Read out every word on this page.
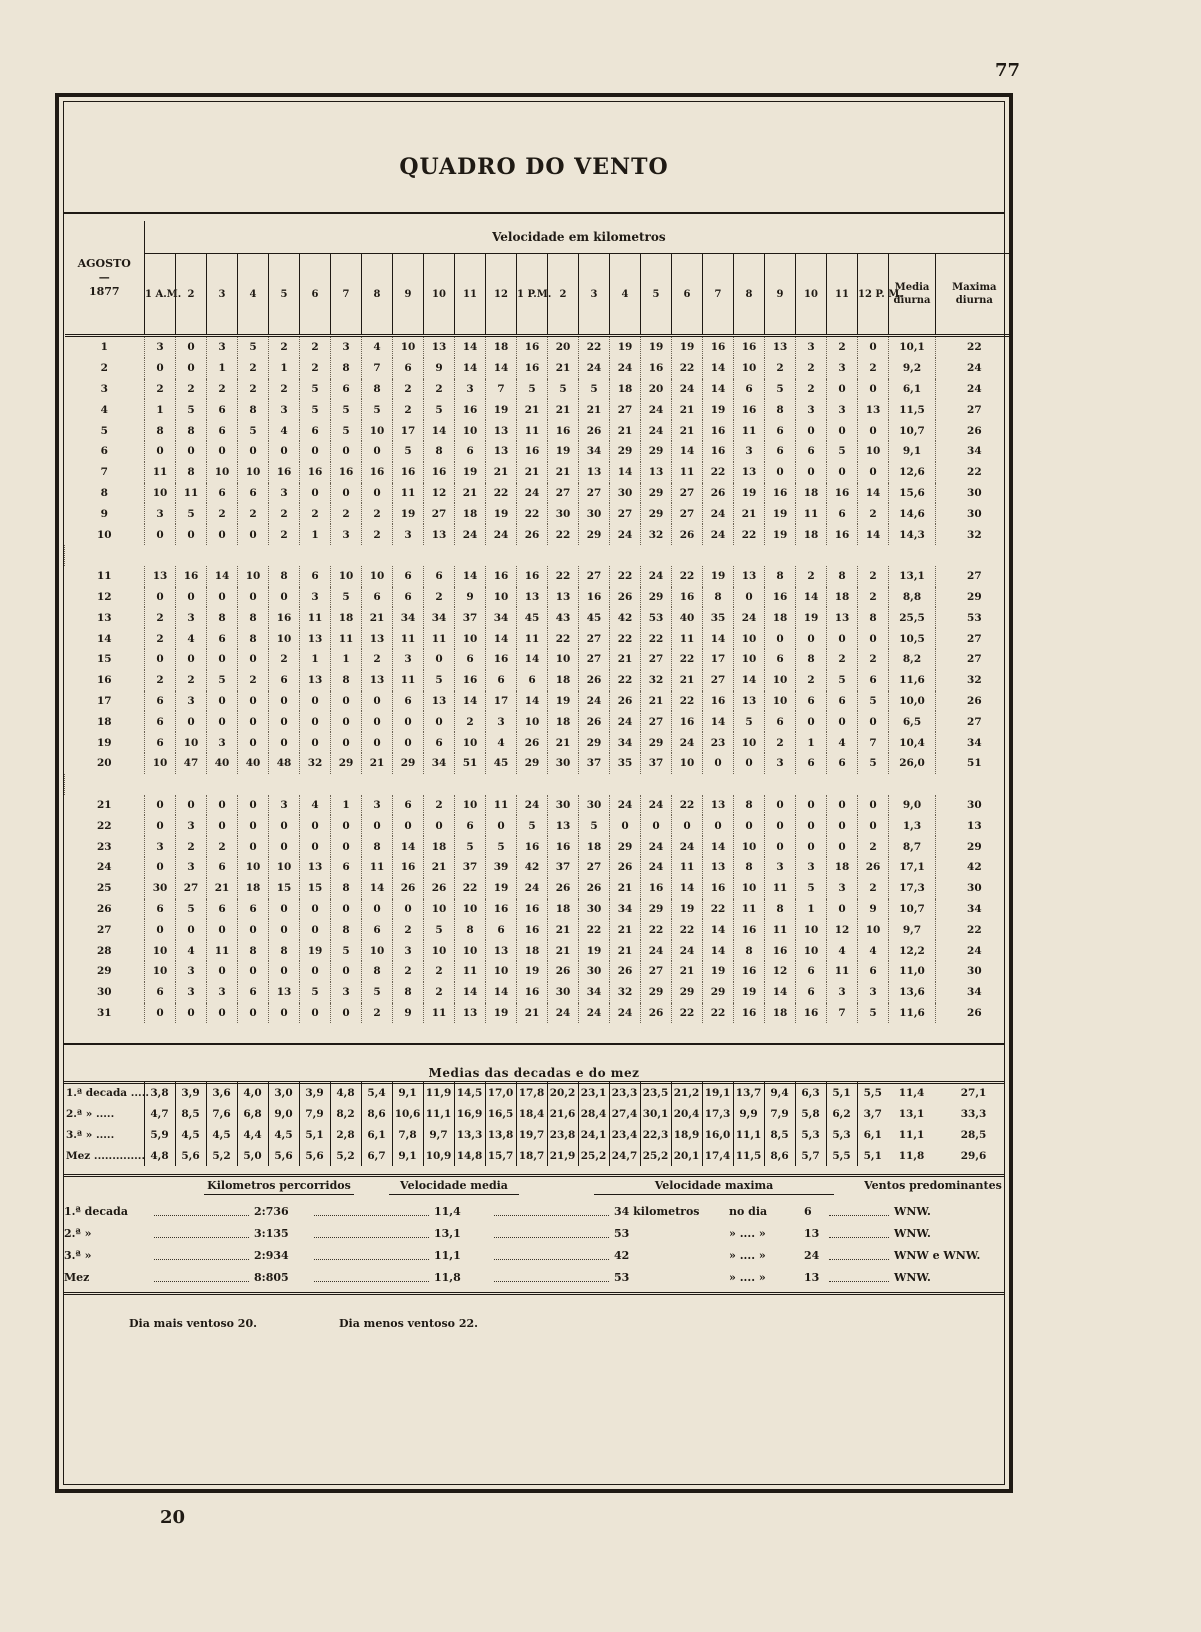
77
QUADRO DO VENTO
AGOSTO
—
1877	Velocidade em kilometros																									
	1 A.M.	2	3	4	5	6	7	8	9	10	11	12	1 P.M.	2	3	4	5	6	7	8	9	10	11	12 P. M.	Media diurna	Maxima diurna
1	3	0	3	5	2	2	3	4	10	13	14	18	16	20	22	19	19	19	16	16	13	3	2	0	10,1	22
2	0	0	1	2	1	2	8	7	6	9	14	14	16	21	24	24	16	22	14	10	2	2	3	2	9,2	24
3	2	2	2	2	2	5	6	8	2	2	3	7	5	5	5	18	20	24	14	6	5	2	0	0	6,1	24
4	1	5	6	8	3	5	5	5	2	5	16	19	21	21	21	27	24	21	19	16	8	3	3	13	11,5	27
5	8	8	6	5	4	6	5	10	17	14	10	13	11	16	26	21	24	21	16	11	6	0	0	0	10,7	26
6	0	0	0	0	0	0	0	0	5	8	6	13	16	19	34	29	29	14	16	3	6	6	5	10	9,1	34
7	11	8	10	10	16	16	16	16	16	16	19	21	21	21	13	14	13	11	22	13	0	0	0	0	12,6	22
8	10	11	6	6	3	0	0	0	11	12	21	22	24	27	27	30	29	27	26	19	16	18	16	14	15,6	30
9	3	5	2	2	2	2	2	2	19	27	18	19	22	30	30	27	29	27	24	21	19	11	6	2	14,6	30
10	0	0	0	0	2	1	3	2	3	13	24	24	26	22	29	24	32	26	24	22	19	18	16	14	14,3	32

11	13	16	14	10	8	6	10	10	6	6	14	16	16	22	27	22	24	22	19	13	8	2	8	2	13,1	27
12	0	0	0	0	0	3	5	6	6	2	9	10	13	13	16	26	29	16	8	0	16	14	18	2	8,8	29
13	2	3	8	8	16	11	18	21	34	34	37	34	45	43	45	42	53	40	35	24	18	19	13	8	25,5	53
14	2	4	6	8	10	13	11	13	11	11	10	14	11	22	27	22	22	11	14	10	0	0	0	0	10,5	27
15	0	0	0	0	2	1	1	2	3	0	6	16	14	10	27	21	27	22	17	10	6	8	2	2	8,2	27
16	2	2	5	2	6	13	8	13	11	5	16	6	6	18	26	22	32	21	27	14	10	2	5	6	11,6	32
17	6	3	0	0	0	0	0	0	6	13	14	17	14	19	24	26	21	22	16	13	10	6	6	5	10,0	26
18	6	0	0	0	0	0	0	0	0	0	2	3	10	18	26	24	27	16	14	5	6	0	0	0	6,5	27
19	6	10	3	0	0	0	0	0	0	6	10	4	26	21	29	34	29	24	23	10	2	1	4	7	10,4	34
20	10	47	40	40	48	32	29	21	29	34	51	45	29	30	37	35	37	10	0	0	3	6	6	5	26,0	51

21	0	0	0	0	3	4	1	3	6	2	10	11	24	30	30	24	24	22	13	8	0	0	0	0	9,0	30
22	0	3	0	0	0	0	0	0	0	0	6	0	5	13	5	0	0	0	0	0	0	0	0	0	1,3	13
23	3	2	2	0	0	0	0	8	14	18	5	5	16	16	18	29	24	24	14	10	0	0	0	2	8,7	29
24	0	3	6	10	10	13	6	11	16	21	37	39	42	37	27	26	24	11	13	8	3	3	18	26	17,1	42
25	30	27	21	18	15	15	8	14	26	26	22	19	24	26	26	21	16	14	16	10	11	5	3	2	17,3	30
26	6	5	6	6	0	0	0	0	0	10	10	16	16	18	30	34	29	19	22	11	8	1	0	9	10,7	34
27	0	0	0	0	0	0	8	6	2	5	8	6	16	21	22	21	22	22	14	16	11	10	12	10	9,7	22
28	10	4	11	8	8	19	5	10	3	10	10	13	18	21	19	21	24	24	14	8	16	10	4	4	12,2	24
29	10	3	0	0	0	0	0	8	2	2	11	10	19	26	30	26	27	21	19	16	12	6	11	6	11,0	30
30	6	3	3	6	13	5	3	5	8	2	14	14	16	30	34	32	29	29	29	19	14	6	3	3	13,6	34
31	0	0	0	0	0	0	0	2	9	11	13	19	21	24	24	24	26	22	22	16	18	16	7	5	11,6	26
Medias das decadas e do mez
1.ª decada .....	3,8	3,9	3,6	4,0	3,0	3,9	4,8	5,4	9,1	11,9	14,5	17,0	17,8	20,2	23,1	23,3	23,5	21,2	19,1	13,7	9,4	6,3	5,1	5,5	11,4	27,1
2.ª » .....	4,7	8,5	7,6	6,8	9,0	7,9	8,2	8,6	10,6	11,1	16,9	16,5	18,4	21,6	28,4	27,4	30,1	20,4	17,3	9,9	7,9	5,8	6,2	3,7	13,1	33,3
3.ª » .....	5,9	4,5	4,5	4,4	4,5	5,1	2,8	6,1	7,8	9,7	13,3	13,8	19,7	23,8	24,1	23,4	22,3	18,9	16,0	11,1	8,5	5,3	5,3	6,1	11,1	28,5
Mez ..............	4,8	5,6	5,2	5,0	5,6	5,6	5,2	6,7	9,1	10,9	14,8	15,7	18,7	21,9	25,2	24,7	25,2	20,1	17,4	11,5	8,6	5,7	5,5	5,1	11,8	29,6
Kilometros percorridos	Velocidade media	Velocidade maxima	Ventos predominantes
1.ª decada	2:736	11,4	34 kilometros	no dia	6	WNW.
2.ª »	3:135	13,1	53	» .... »	13	WNW.
3.ª »	2:934	11,1	42	» .... »	24	WNW e WNW.
Mez	8:805	11,8	53	» .... »	13	WNW.
Dia mais ventoso 20.	Dia menos ventoso 22.
20
